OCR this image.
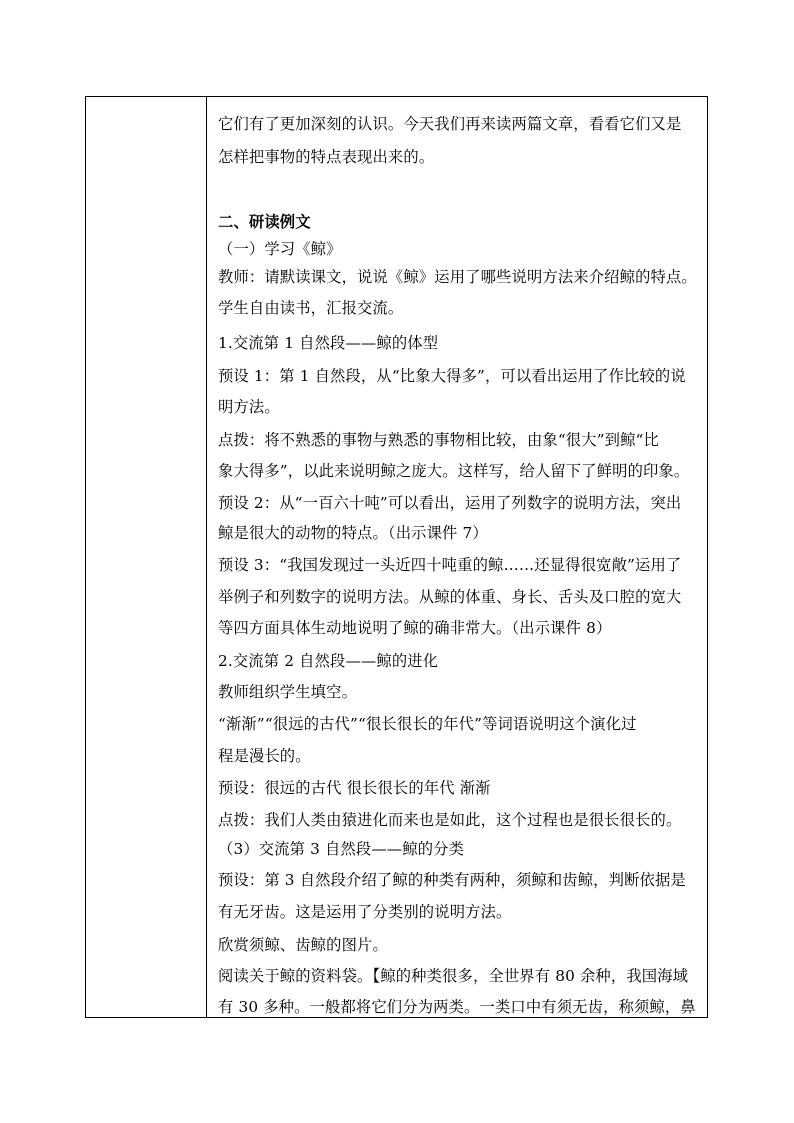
它们有了更加深刻的认识。今天我们再来读两篇文章，看看它们又是
怎样把事物的特点表现出来的。
二、研读例文
（一）学习《鲸》
教师：请默读课文，说说《鲸》运用了哪些说明方法来介绍鲸的特点。
学生自由读书，汇报交流。
1.交流第 1 自然段——鲸的体型
预设 1：第 1 自然段，从“比象大得多”，可以看出运用了作比较的说
明方法。
点拨：将不熟悉的事物与熟悉的事物相比较，由象“很大”到鲸“比
象大得多”，以此来说明鲸之庞大。这样写，给人留下了鲜明的印象。
预设 2：从“一百六十吨”可以看出，运用了列数字的说明方法，突出
鲸是很大的动物的特点。（出示课件 7）
预设 3：“我国发现过一头近四十吨重的鲸……还显得很宽敞”运用了
举例子和列数字的说明方法。从鲸的体重、身长、舌头及口腔的宽大
等四方面具体生动地说明了鲸的确非常大。（出示课件 8）
2.交流第 2 自然段——鲸的进化
教师组织学生填空。
“渐渐”“很远的古代”“很长很长的年代”等词语说明这个演化过
程是漫长的。
预设：很远的古代 很长很长的年代 渐渐
点拨：我们人类由猿进化而来也是如此，这个过程也是很长很长的。
（3）交流第 3 自然段——鲸的分类
预设：第 3 自然段介绍了鲸的种类有两种，须鲸和齿鲸，判断依据是
有无牙齿。这是运用了分类别的说明方法。
欣赏须鲸、齿鲸的图片。
阅读关于鲸的资料袋。【鲸的种类很多，全世界有 80 余种，我国海域
有 30 多种。一般都将它们分为两类。一类口中有须无齿，称须鲸，鼻
